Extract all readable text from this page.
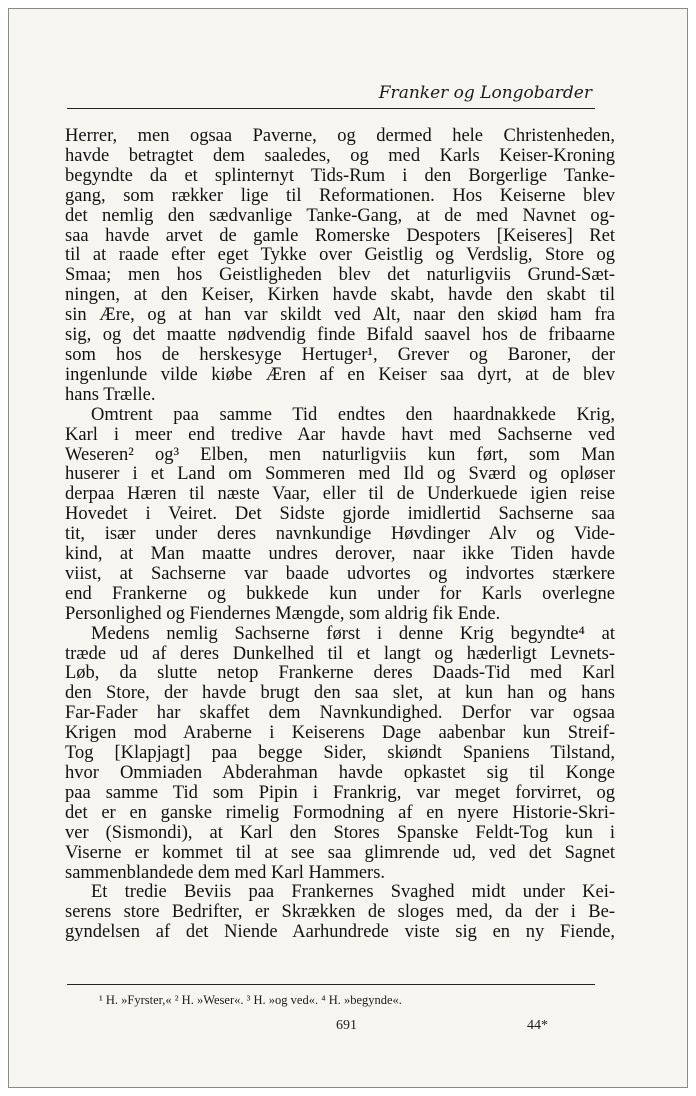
Franker og Longobarder
Herrer, men ogsaa Paverne, og dermed hele Christenheden,
havde betragtet dem saaledes, og med Karls Keiser-Kroning
begyndte da et splinternyt Tids-Rum i den Borgerlige Tanke-
gang, som rækker lige til Reformationen. Hos Keiserne blev
det nemlig den sædvanlige Tanke-Gang, at de med Navnet og-
saa havde arvet de gamle Romerske Despoters [Keiseres] Ret
til at raade efter eget Tykke over Geistlig og Verdslig, Store og
Smaa; men hos Geistligheden blev det naturligviis Grund-Sæt-
ningen, at den Keiser, Kirken havde skabt, havde den skabt til
sin Ære, og at han var skildt ved Alt, naar den skiød ham fra
sig, og det maatte nødvendig finde Bifald saavel hos de fribaarne
som hos de herskesyge Hertuger¹, Grever og Baroner, der
ingenlunde vilde kiøbe Æren af en Keiser saa dyrt, at de blev
hans Trælle.
Omtrent paa samme Tid endtes den haardnakkede Krig,
Karl i meer end tredive Aar havde havt med Sachserne ved
Weseren² og³ Elben, men naturligviis kun ført, som Man
huserer i et Land om Sommeren med Ild og Sværd og opløser
derpaa Hæren til næste Vaar, eller til de Underkuede igien reise
Hovedet i Veiret. Det Sidste gjorde imidlertid Sachserne saa
tit, især under deres navnkundige Høvdinger Alv og Vide-
kind, at Man maatte undres derover, naar ikke Tiden havde
viist, at Sachserne var baade udvortes og indvortes stærkere
end Frankerne og bukkede kun under for Karls overlegne
Personlighed og Fiendernes Mængde, som aldrig fik Ende.
Medens nemlig Sachserne først i denne Krig begyndte⁴ at
træde ud af deres Dunkelhed til et langt og hæderligt Levnets-
Løb, da slutte netop Frankerne deres Daads-Tid med Karl
den Store, der havde brugt den saa slet, at kun han og hans
Far-Fader har skaffet dem Navnkundighed. Derfor var ogsaa
Krigen mod Araberne i Keiserens Dage aabenbar kun Streif-
Tog [Klapjagt] paa begge Sider, skiøndt Spaniens Tilstand,
hvor Ommiaden Abderahman havde opkastet sig til Konge
paa samme Tid som Pipin i Frankrig, var meget forvirret, og
det er en ganske rimelig Formodning af en nyere Historie-Skri-
ver (Sismondi), at Karl den Stores Spanske Feldt-Tog kun i
Viserne er kommet til at see saa glimrende ud, ved det Sagnet
sammenblandede dem med Karl Hammers.
Et tredie Beviis paa Frankernes Svaghed midt under Kei-
serens store Bedrifter, er Skrækken de sloges med, da der i Be-
gyndelsen af det Niende Aarhundrede viste sig en ny Fiende,
¹ H. »Fyrster,« ² H. »Weser«. ³ H. »og ved«. ⁴ H. »begynde«.
691	44*
